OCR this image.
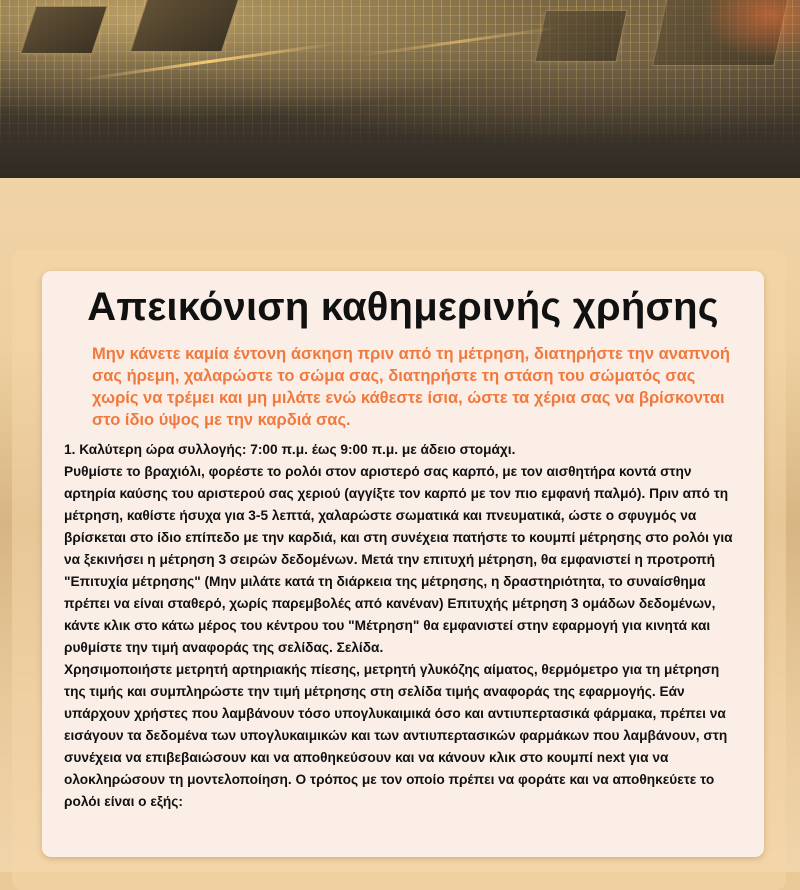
Απεικόνιση καθημερινής χρήσης

Μην κάνετε καμία έντονη άσκηση πριν από τη μέτρηση, διατηρήστε την αναπνοή σας ήρεμη, χαλαρώστε το σώμα σας, διατηρήστε τη στάση του σώματός σας χωρίς να τρέμει και μη μιλάτε ενώ κάθεστε ίσια, ώστε τα χέρια σας να βρίσκονται στο ίδιο ύψος με την καρδιά σας.

1. Καλύτερη ώρα συλλογής: 7:00 π.μ. έως 9:00 π.μ. με άδειο στομάχι.

Ρυθμίστε το βραχιόλι, φορέστε το ρολόι στον αριστερό σας καρπό, με τον αισθητήρα κοντά στην αρτηρία καύσης του αριστερού σας χεριού (αγγίξτε τον καρπό με τον πιο εμφανή παλμό). Πριν από τη μέτρηση, καθίστε ήσυχα για 3-5 λεπτά, χαλαρώστε σωματικά και πνευματικά, ώστε ο σφυγμός να βρίσκεται στο ίδιο επίπεδο με την καρδιά, και στη συνέχεια πατήστε το κουμπί μέτρησης στο ρολόι για να ξεκινήσει η μέτρηση 3 σειρών δεδομένων. Μετά την επιτυχή μέτρηση, θα εμφανιστεί η προτροπή "Επιτυχία μέτρησης" (Μην μιλάτε κατά τη διάρκεια της μέτρησης, η δραστηριότητα, το συναίσθημα πρέπει να είναι σταθερό, χωρίς παρεμβολές από κανέναν) Επιτυχής μέτρηση 3 ομάδων δεδομένων, κάντε κλικ στο κάτω μέρος του κέντρου του "Μέτρηση" θα εμφανιστεί στην εφαρμογή για κινητά και ρυθμίστε την τιμή αναφοράς της σελίδας. Σελίδα.

Χρησιμοποιήστε μετρητή αρτηριακής πίεσης, μετρητή γλυκόζης αίματος, θερμόμετρο για τη μέτρηση της τιμής και συμπληρώστε την τιμή μέτρησης στη σελίδα τιμής αναφοράς της εφαρμογής. Εάν υπάρχουν χρήστες που λαμβάνουν τόσο υπογλυκαιμικά όσο και αντιυπερτασικά φάρμακα, πρέπει να εισάγουν τα δεδομένα των υπογλυκαιμικών και των αντιυπερτασικών φαρμάκων που λαμβάνουν, στη συνέχεια να επιβεβαιώσουν και να αποθηκεύσουν και να κάνουν κλικ στο κουμπί next για να ολοκληρώσουν τη μοντελοποίηση. Ο τρόπος με τον οποίο πρέπει να φοράτε και να αποθηκεύετε το ρολόι είναι ο εξής:
